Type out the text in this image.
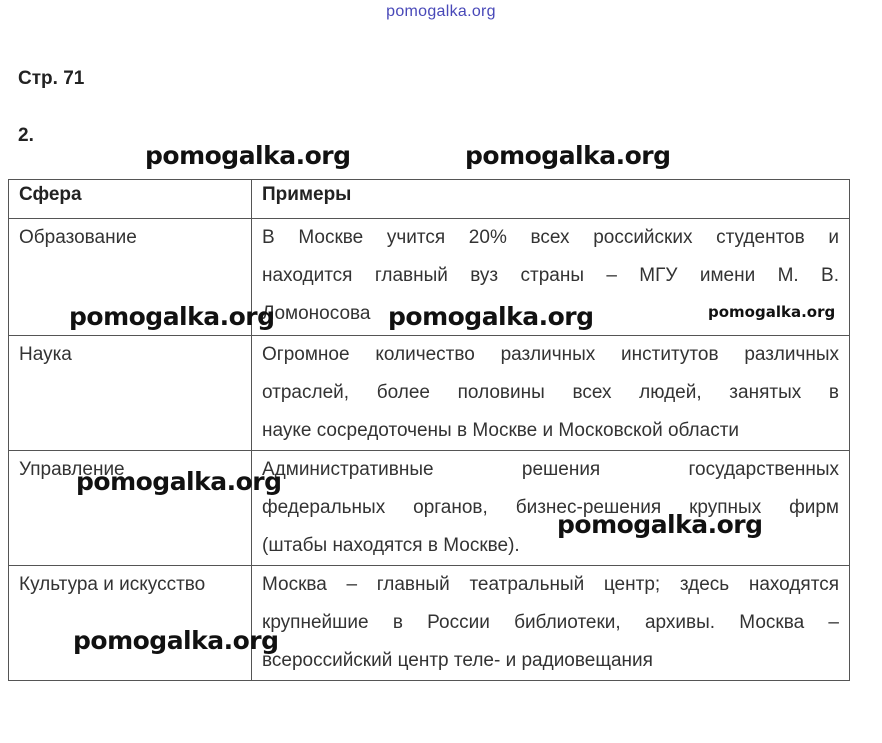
pomogalka.org
Стр. 71
2.
Сфера	Примеры
Образование	В Москве учится 20% всех российских студентов и
находится главный вуз страны – МГУ имени М. В.
Ломоносова
Наука	Огромное количество различных институтов различных
отраслей, более половины всех людей, занятых в
науке сосредоточены в Москве и Московской области
Управление	Административные решения государственных
федеральных органов, бизнес-решения крупных фирм
(штабы находятся в Москве).
Культура и искусство	Москва – главный театральный центр; здесь находятся
крупнейшие в России библиотеки, архивы. Москва –
всероссийский центр теле- и радиовещания
pomogalka.org	pomogalka.org
pomogalka.org	pomogalka.org	pomogalka.org
pomogalka.org
pomogalka.org
pomogalka.org
